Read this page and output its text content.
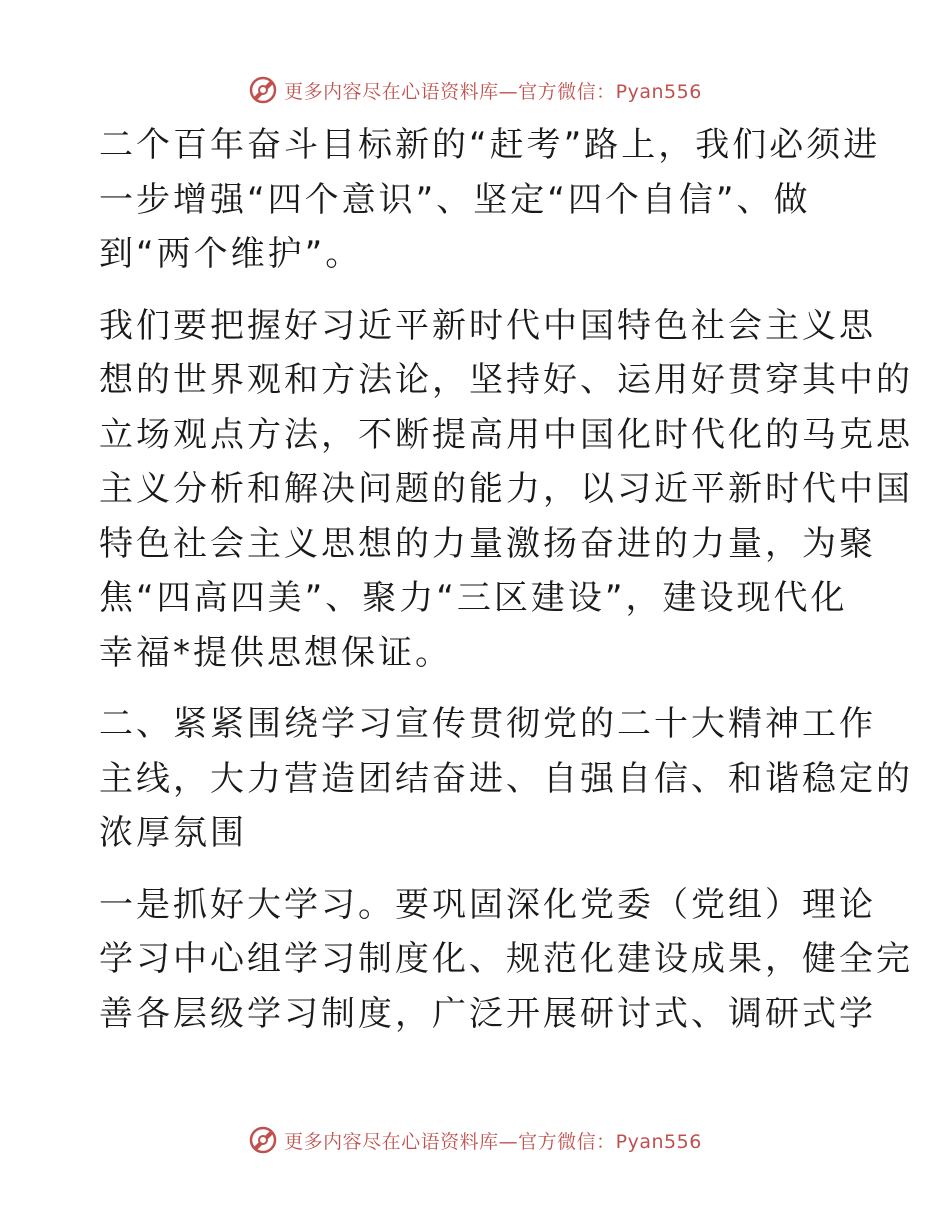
更多内容尽在心语资料库—官方微信：Pyan556

二个百年奋斗目标新的“赶考”路上，我们必须进
一步增强“四个意识”、坚定“四个自信”、做
到“两个维护”。

我们要把握好习近平新时代中国特色社会主义思
想的世界观和方法论，坚持好、运用好贯穿其中的
立场观点方法，不断提高用中国化时代化的马克思
主义分析和解决问题的能力，以习近平新时代中国
特色社会主义思想的力量激扬奋进的力量，为聚
焦“四高四美”、聚力“三区建设”，建设现代化
幸福*提供思想保证。

二、紧紧围绕学习宣传贯彻党的二十大精神工作
主线，大力营造团结奋进、自强自信、和谐稳定的
浓厚氛围

一是抓好大学习。要巩固深化党委（党组）理论
学习中心组学习制度化、规范化建设成果，健全完
善各层级学习制度，广泛开展研讨式、调研式学

更多内容尽在心语资料库—官方微信：Pyan556
